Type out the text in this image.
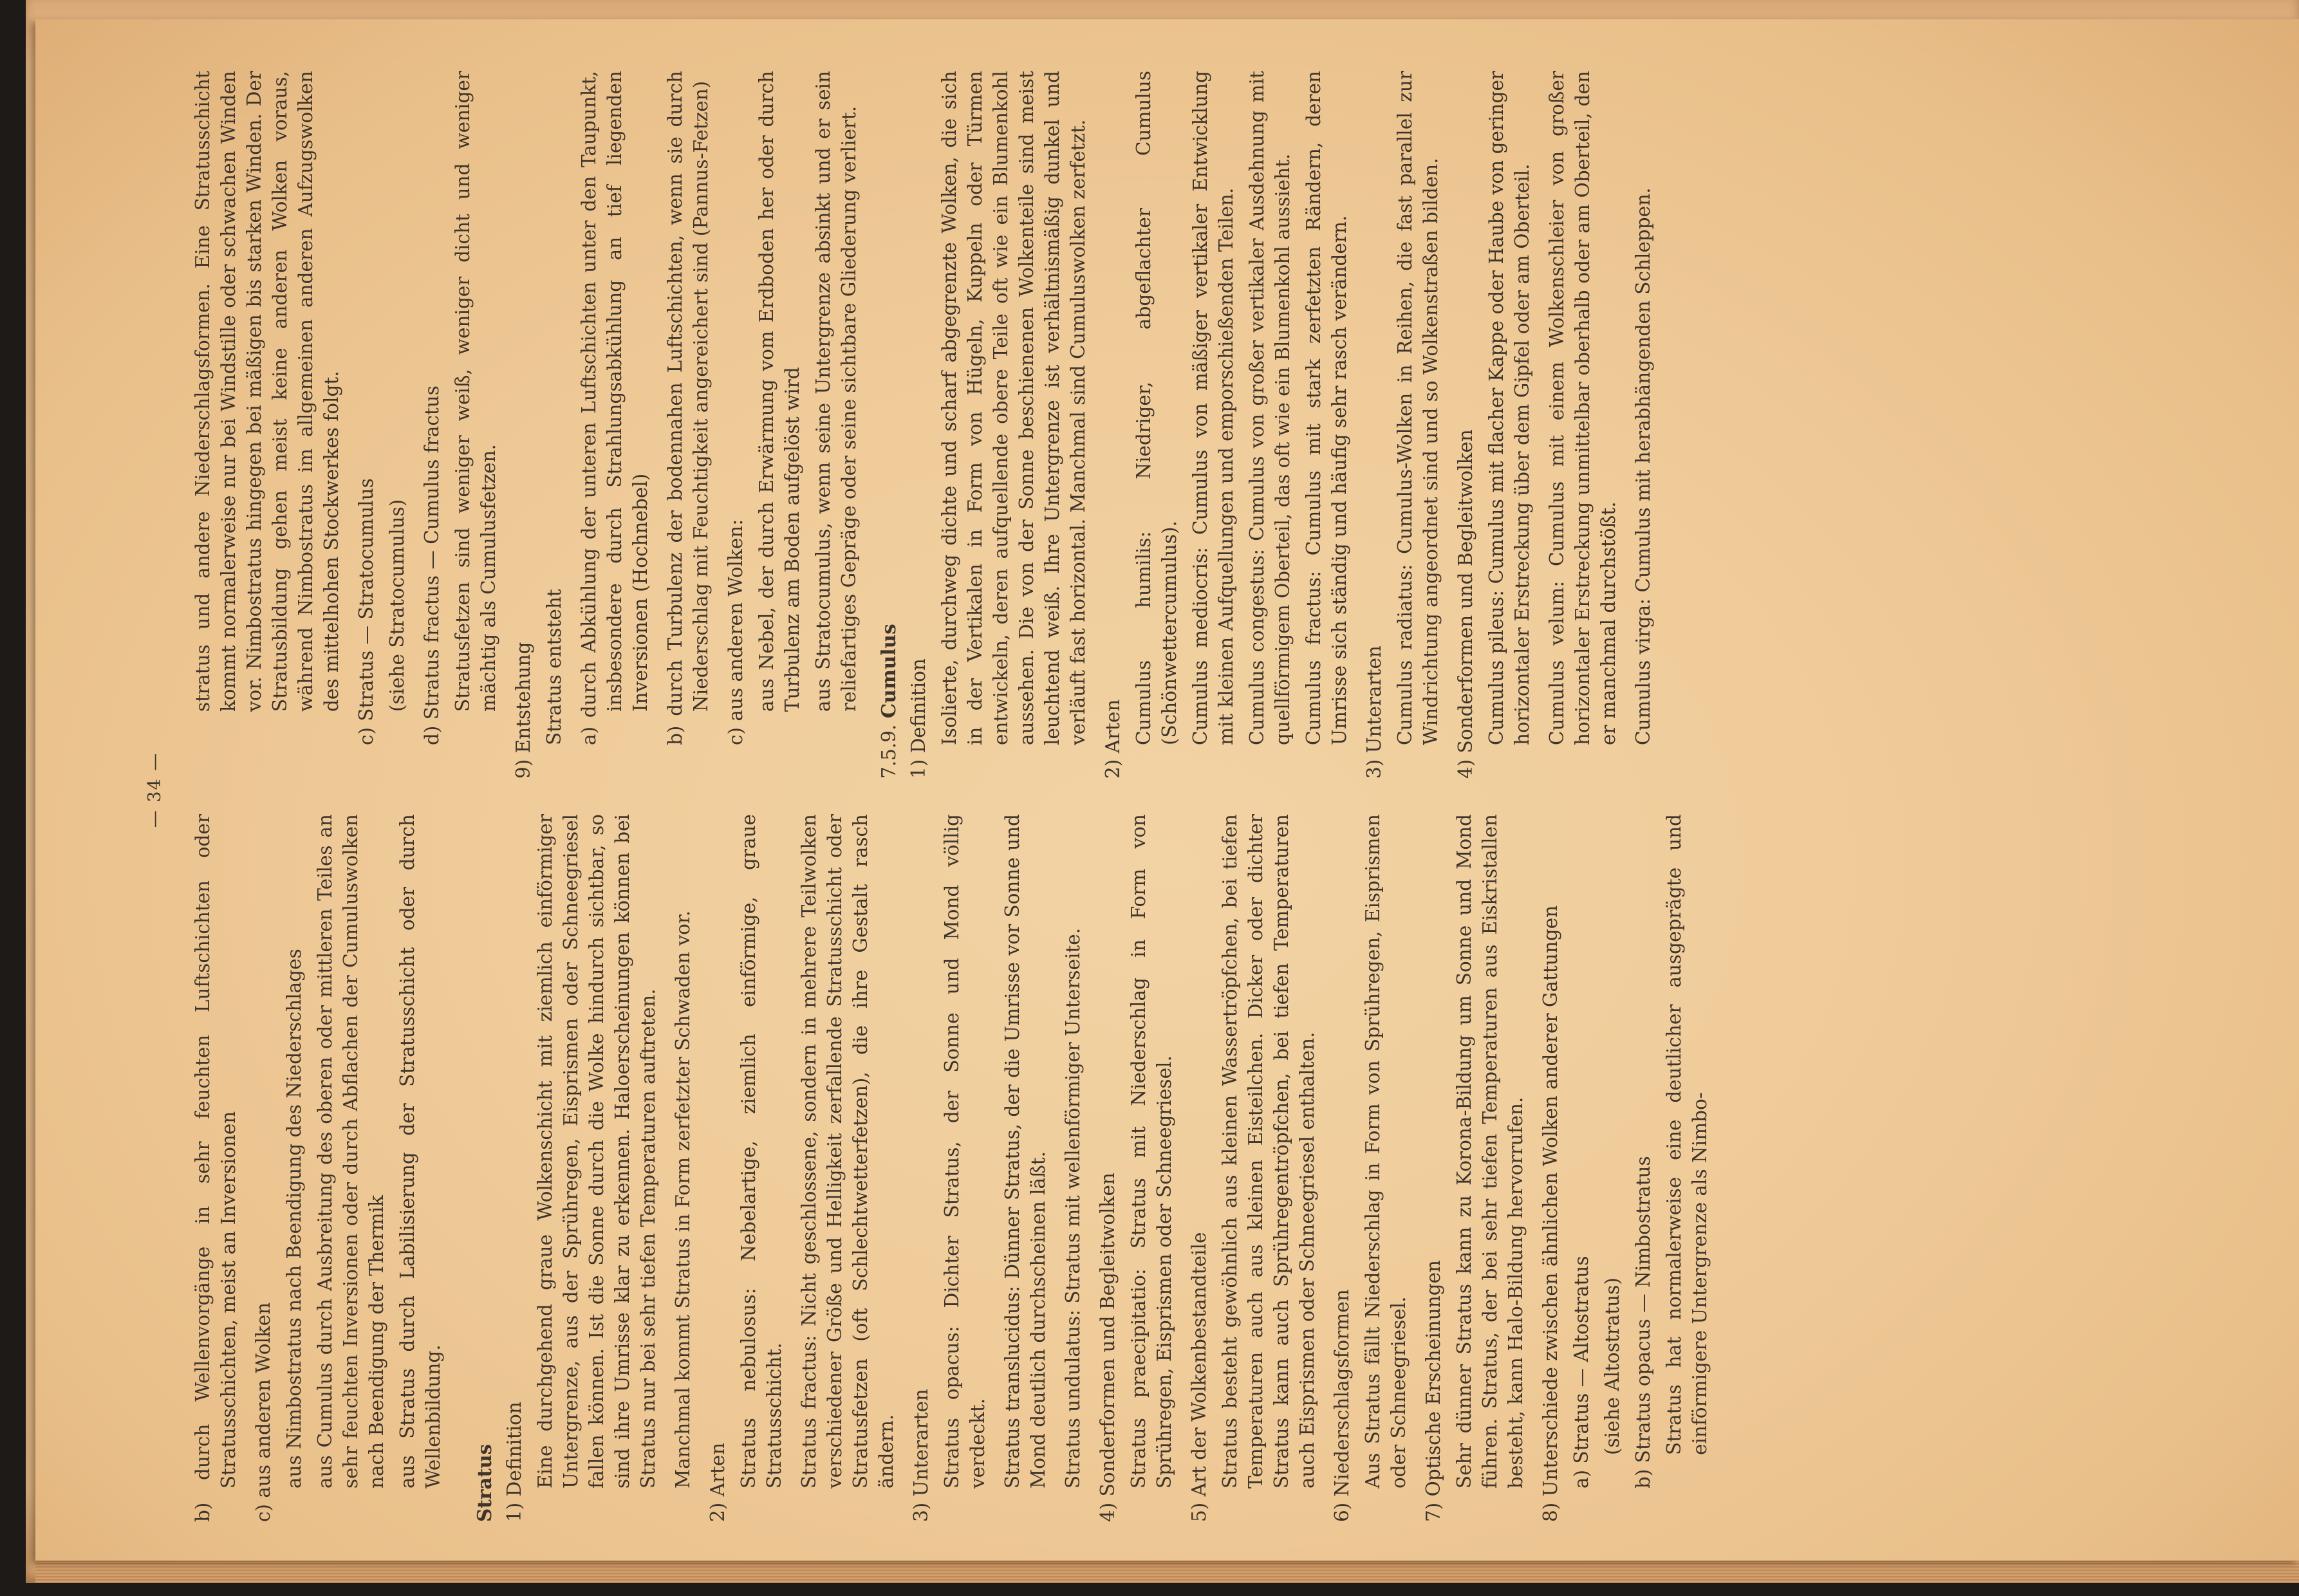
— 34 —
b) durch Wellenvorgänge in sehr feuchten Luftschichten oder Stratusschichten, meist an Inversionen
c) aus anderen Wolken aus Nimbostratus nach Beendigung des Niederschlages aus Cumulus durch Ausbreitung des oberen oder mittleren Teiles an sehr feuchten Inversionen oder durch Abflachen der Cumuluswolken nach Beendigung der Thermik aus Stratus durch Labilisierung der Stratusschicht oder durch Wellenbildung. Stratus 1) Definition Eine durchgehend graue Wolkenschicht mit ziemlich einförmiger Untergrenze, aus der Sprühregen, Eisprismen oder Schneegriesel fallen können. Ist die Sonne durch die Wolke hindurch sichtbar, so sind ihre Umrisse klar zu erkennen. Haloerscheinungen können bei Stratus nur bei sehr tiefen Temperaturen auftreten. Manchmal kommt Stratus in Form zerfetzter Schwaden vor. 2) Arten Stratus nebulosus: Nebelartige, ziemlich einförmige, graue Stratusschicht. Stratus fractus: Nicht geschlossene, sondern in mehrere Teilwolken verschiedener Größe und Helligkeit zerfallende Stratusschicht oder Stratusfetzen (oft Schlechtwetterfetzen), die ihre Gestalt rasch ändern. 3) Unterarten Stratus opacus: Dichter Stratus, der Sonne und Mond völlig verdeckt. Stratus translucidus: Dünner Stratus, der die Umrisse vor Sonne und Mond deutlich durchscheinen läßt. Stratus undulatus: Stratus mit wellenförmiger Unterseite. 4) Sonderformen und Begleitwolken Stratus praecipitatio: Stratus mit Niederschlag in Form von Sprühregen, Eisprismen oder Schneegriesel. 5) Art der Wolkenbestandteile Stratus besteht gewöhnlich aus kleinen Wassertröpfchen, bei tiefen Temperaturen auch aus kleinen Eisteilchen. Dicker oder dichter Stratus kann auch Sprühregentröpfchen, bei tiefen Temperaturen auch Eisprismen oder Schneegriesel enthalten. 6) Niederschlagsformen Aus Stratus fällt Niederschlag in Form von Sprühregen, Eisprismen oder Schneegriesel. 7) Optische Erscheinungen Sehr dünner Stratus kann zu Korona-Bildung um Sonne und Mond führen. Stratus, der bei sehr tiefen Temperaturen aus Eiskristallen besteht, kann Halo-Bildung hervorrufen. 8) Unterschiede zwischen ähnlichen Wolken anderer Gattungen a) Stratus — Altostratus (siehe Altostratus)
b) Stratus opacus — Nimbostratus Stratus hat normalerweise eine deutlicher ausgeprägte und einförmigere Untergrenze als Nimbo-
stratus und andere Niederschlagsformen. Eine Stratusschicht kommt normalerweise nur bei Windstille oder schwachen Winden vor. Nimbostratus hingegen bei mäßigen bis starken Winden. Der Stratusbildung gehen meist keine anderen Wolken voraus, während Nimbostratus im allgemeinen anderen Aufzugswolken des mittelhohen Stockwerkes folgt.
c) Stratus — Stratocumulus (siehe Stratocumulus)
d) Stratus fractus — Cumulus fractus Stratusfetzen sind weniger weiß, weniger dicht und weniger mächtig als Cumulusfetzen. 9) Entstehung Stratus entsteht a) durch Abkühlung der unteren Luftschichten unter den Taupunkt, insbesondere durch Strahlungsabkühlung an tief liegenden Inversionen (Hochnebel)
b) durch Turbulenz der bodennahen Luftschichten, wenn sie durch Niederschlag mit Feuchtigkeit angereichert sind (Pannus-Fetzen)
c) aus anderen Wolken: aus Nebel, der durch Erwärmung vom Erdboden her oder durch Turbulenz am Boden aufgelöst wird aus Stratocumulus, wenn seine Untergrenze absinkt und er sein reliefartiges Gepräge oder seine sichtbare Gliederung verliert.
7.5.9. Cumulus 1) Definition Isolierte, durchweg dichte und scharf abgegrenzte Wolken, die sich in der Vertikalen in Form von Hügeln, Kuppeln oder Türmen entwickeln, deren aufquellende obere Teile oft wie ein Blumenkohl aussehen. Die von der Sonne beschienenen Wolkenteile sind meist leuchtend weiß. Ihre Untergrenze ist verhältnismäßig dunkel und verläuft fast horizontal. Manchmal sind Cumuluswolken zerfetzt. 2) Arten Cumulus humilis: Niedriger, abgeflachter Cumulus (Schönwettercumulus). Cumulus mediocris: Cumulus von mäßiger vertikaler Entwicklung mit kleinen Aufquellungen und emporschießenden Teilen. Cumulus congestus: Cumulus von großer vertikaler Ausdehnung mit quellförmigem Oberteil, das oft wie ein Blumenkohl aussieht. Cumulus fractus: Cumulus mit stark zerfetzten Rändern, deren Umrisse sich ständig und häufig sehr rasch verändern. 3) Unterarten Cumulus radiatus: Cumulus-Wolken in Reihen, die fast parallel zur Windrichtung angeordnet sind und so Wolkenstraßen bilden. 4) Sonderformen und Begleitwolken Cumulus pileus: Cumulus mit flacher Kappe oder Haube von geringer horizontaler Erstreckung über dem Gipfel oder am Oberteil. Cumulus velum: Cumulus mit einem Wolkenschleier von großer horizontaler Erstreckung unmittelbar oberhalb oder am Oberteil, den er manchmal durchstößt. Cumulus virga: Cumulus mit herabhängenden Schleppen.
